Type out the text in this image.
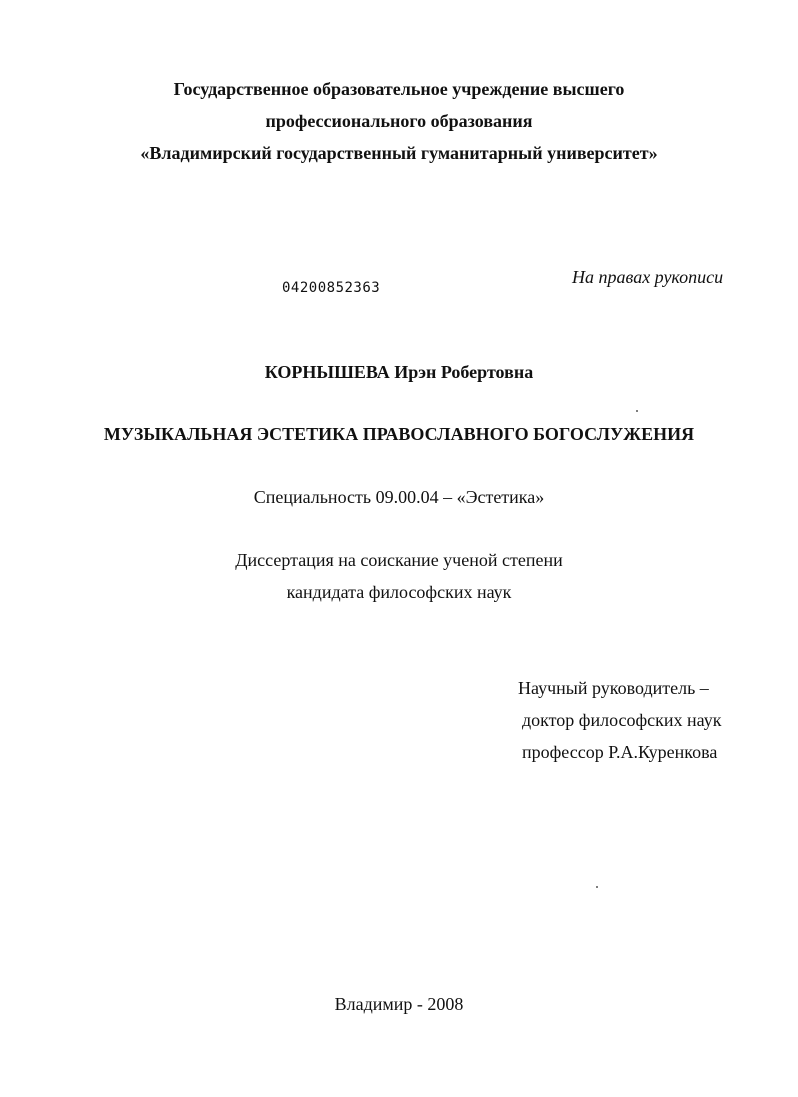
Государственное образовательное учреждение высшего
профессионального образования
«Владимирский государственный гуманитарный университет»
04200852363
На правах рукописи
КОРНЫШЕВА Ирэн Робертовна
МУЗЫКАЛЬНАЯ ЭСТЕТИКА ПРАВОСЛАВНОГО БОГОСЛУЖЕНИЯ
Специальность 09.00.04 – «Эстетика»
Диссертация на соискание ученой степени
кандидата философских наук
Научный руководитель –
доктор философских наук
профессор Р.А.Куренкова
Владимир - 2008
